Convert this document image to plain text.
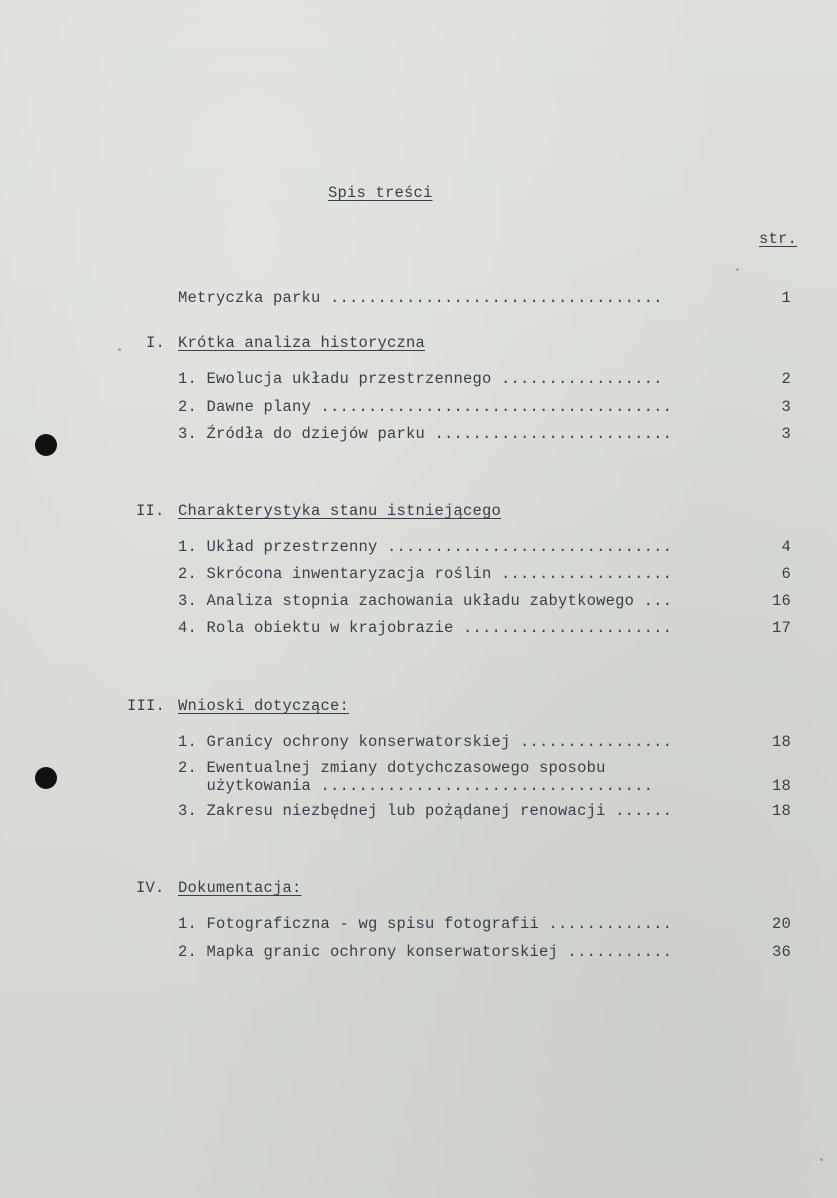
Spis treści
str.
Metryczka parku ...................................	1
I. Krótka analiza historyczna
1. Ewolucja układu przestrzennego .................	2
2. Dawne plany .....................................	3
3. Źródła do dziejów parku .........................	3
II. Charakterystyka stanu istniejącego
1. Układ przestrzenny ..............................	4
2. Skrócona inwentaryzacja roślin ..................	6
3. Analiza stopnia zachowania układu zabytkowego ...	16
4. Rola obiektu w krajobrazie ......................	17
III. Wnioski dotyczące:
1. Granicy ochrony konserwatorskiej ................	18
2. Ewentualnej zmiany dotychczasowego sposobu
użytkowania ...................................	18
3. Zakresu niezbędnej lub pożądanej renowacji ......	18
IV. Dokumentacja:
1. Fotograficzna - wg spisu fotografii .............	20
2. Mapka granic ochrony konserwatorskiej ...........	36
